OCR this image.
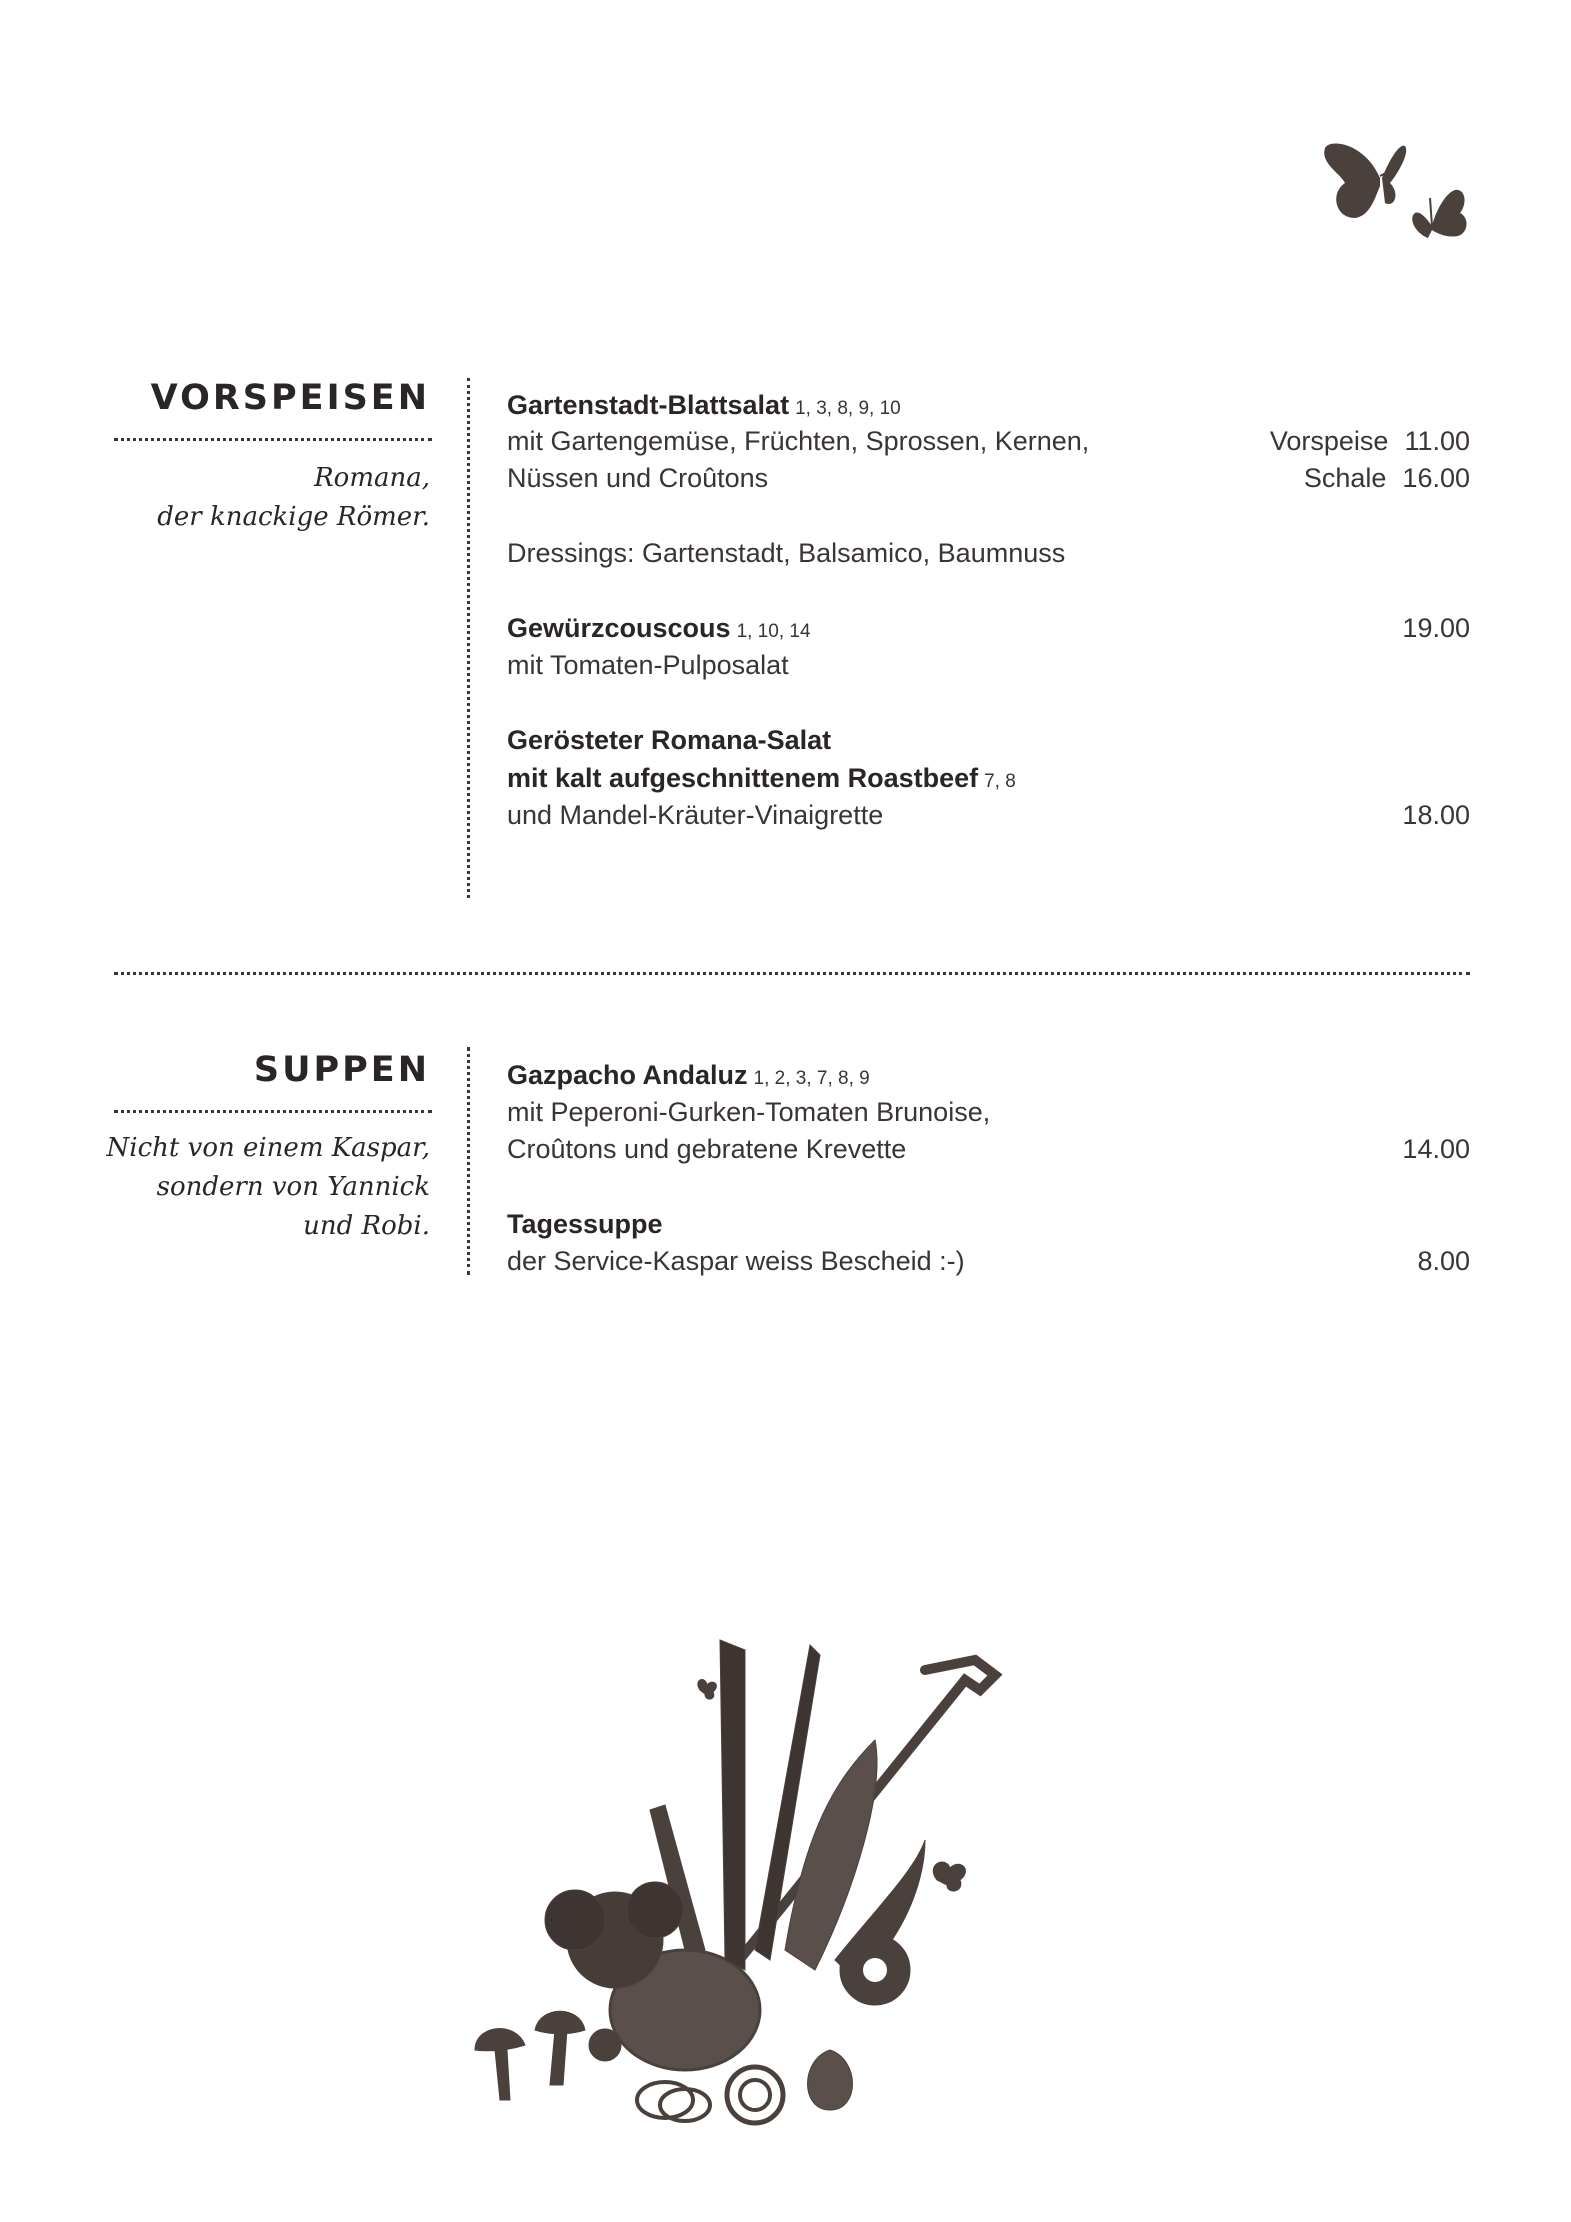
VORSPEISEN
Romana,
der knackige Römer.
Gartenstadt-Blattsalat 1, 3, 8, 9, 10
mit Gartengemüse, Früchten, Sprossen, Kernen,
Nüssen und Croûtons
Vorspeise 11.00
Schale 16.00
Dressings: Gartenstadt, Balsamico, Baumnuss
Gewürzcouscous 1, 10, 14	19.00
mit Tomaten-Pulposalat
Gerösteter Romana-Salat
mit kalt aufgeschnittenem Roastbeef 7, 8
und Mandel-Kräuter-Vinaigrette	18.00
SUPPEN
Nicht von einem Kaspar,
sondern von Yannick
und Robi.
Gazpacho Andaluz 1, 2, 3, 7, 8, 9
mit Peperoni-Gurken-Tomaten Brunoise,
Croûtons und gebratene Krevette	14.00
Tagessuppe
der Service-Kaspar weiss Bescheid :-)	8.00
